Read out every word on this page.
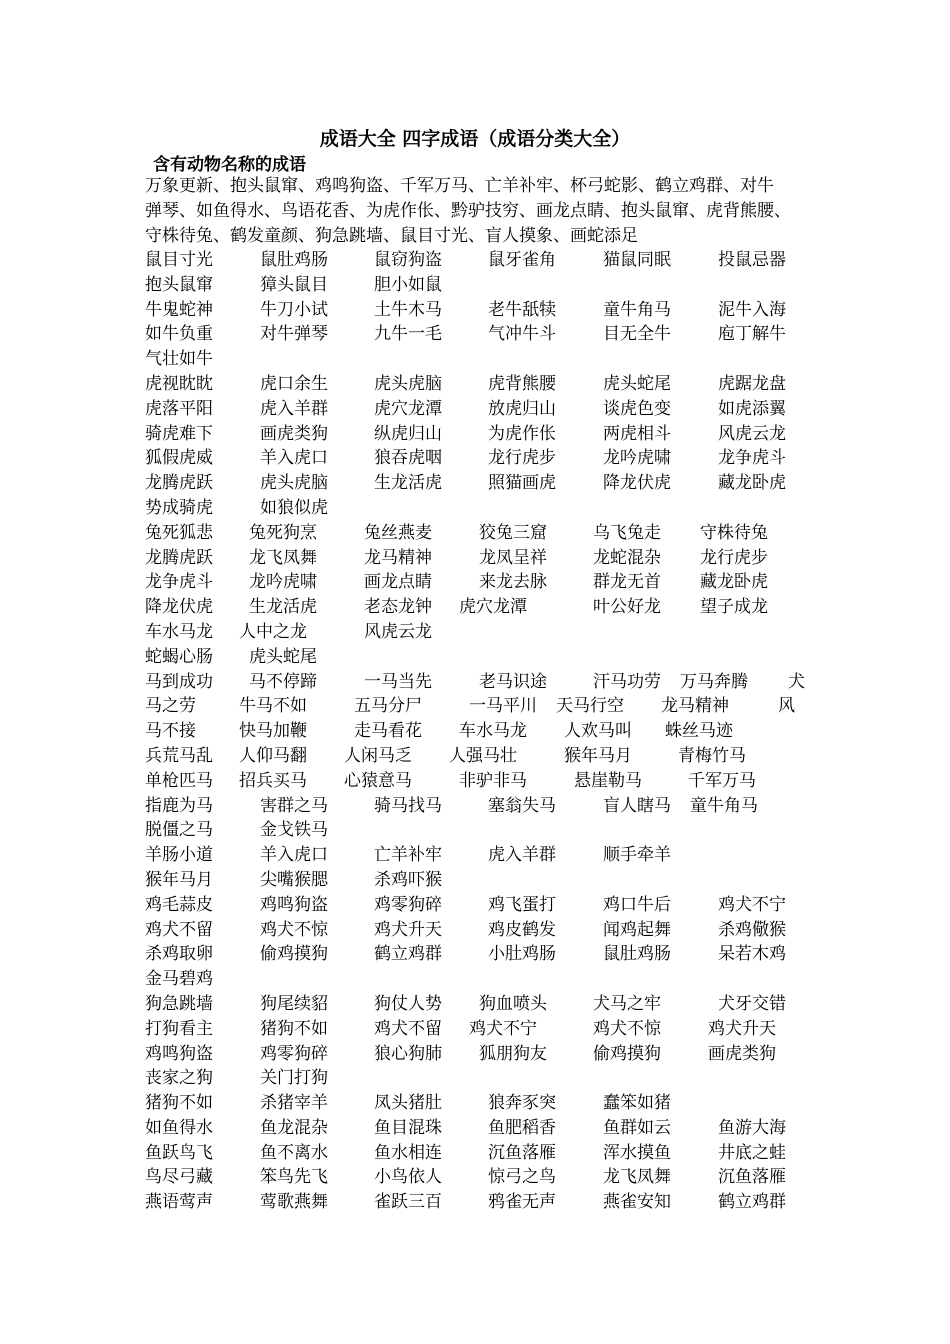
成语大全 四字成语（成语分类大全）
含有动物名称的成语
万象更新、抱头鼠窜、鸡鸣狗盗、千军万马、亡羊补牢、杯弓蛇影、鹤立鸡群、对牛
弹琴、如鱼得水、鸟语花香、为虎作伥、黔驴技穷、画龙点睛、抱头鼠窜、虎背熊腰、
守株待兔、鹤发童颜、狗急跳墙、鼠目寸光、盲人摸象、画蛇添足
鼠目寸光	鼠肚鸡肠	鼠窃狗盗	鼠牙雀角	猫鼠同眠	投鼠忌器
抱头鼠窜	獐头鼠目	胆小如鼠
牛鬼蛇神	牛刀小试	土牛木马	老牛舐犊	童牛角马	泥牛入海
如牛负重	对牛弹琴	九牛一毛	气冲牛斗	目无全牛	庖丁解牛
气壮如牛
虎视眈眈	虎口余生	虎头虎脑	虎背熊腰	虎头蛇尾	虎踞龙盘
虎落平阳	虎入羊群	虎穴龙潭	放虎归山	谈虎色变	如虎添翼
骑虎难下	画虎类狗	纵虎归山	为虎作伥	两虎相斗	风虎云龙
狐假虎威	羊入虎口	狼吞虎咽	龙行虎步	龙吟虎啸	龙争虎斗
龙腾虎跃	虎头虎脑	生龙活虎	照猫画虎	降龙伏虎	藏龙卧虎
势成骑虎	如狼似虎
兔死狐悲 兔死狗烹	兔丝燕麦	狡兔三窟	乌飞兔走 守株待兔
龙腾虎跃 龙飞凤舞	龙马精神	龙凤呈祥	龙蛇混杂 龙行虎步
龙争虎斗 龙吟虎啸	画龙点睛	来龙去脉	群龙无首 藏龙卧虎
降龙伏虎 生龙活虎	老态龙钟 虎穴龙潭	叶公好龙 望子成龙
车水马龙 人中之龙	风虎云龙
蛇蝎心肠 虎头蛇尾
马到成功 马不停蹄	一马当先	老马识途	汗马功劳 万马奔腾 犬
马之劳	牛马不如	五马分尸	一马平川 天马行空 龙马精神	风
马不接	快马加鞭	走马看花 车水马龙 人欢马叫 蛛丝马迹
兵荒马乱 人仰马翻 人闲马乏 人强马壮	猴年马月	青梅竹马
单枪匹马 招兵买马 心猿意马	非驴非马	悬崖勒马	千军万马
指鹿为马	害群之马	骑马找马	塞翁失马	盲人瞎马 童牛角马
脱僵之马	金戈铁马
羊肠小道	羊入虎口	亡羊补牢	虎入羊群	顺手牵羊
猴年马月	尖嘴猴腮	杀鸡吓猴
鸡毛蒜皮	鸡鸣狗盗	鸡零狗碎	鸡飞蛋打	鸡口牛后	鸡犬不宁
鸡犬不留	鸡犬不惊	鸡犬升天	鸡皮鹤发	闻鸡起舞	杀鸡儆猴
杀鸡取卵	偷鸡摸狗	鹤立鸡群	小肚鸡肠	鼠肚鸡肠	呆若木鸡
金马碧鸡
狗急跳墙	狗尾续貂	狗仗人势 狗血喷头	犬马之牢	犬牙交错
打狗看主	猪狗不如	鸡犬不留 鸡犬不宁	鸡犬不惊	鸡犬升天
鸡鸣狗盗	鸡零狗碎	狼心狗肺 狐朋狗友	偷鸡摸狗	画虎类狗
丧家之狗	关门打狗
猪狗不如	杀猪宰羊	凤头猪肚	狼奔豕突	蠢笨如猪
如鱼得水	鱼龙混杂	鱼目混珠	鱼肥稻香	鱼群如云	鱼游大海
鱼跃鸟飞	鱼不离水	鱼水相连	沉鱼落雁	浑水摸鱼	井底之蛙
鸟尽弓藏	笨鸟先飞	小鸟依人	惊弓之鸟	龙飞凤舞	沉鱼落雁
燕语莺声	莺歌燕舞	雀跃三百	鸦雀无声	燕雀安知	鹤立鸡群
